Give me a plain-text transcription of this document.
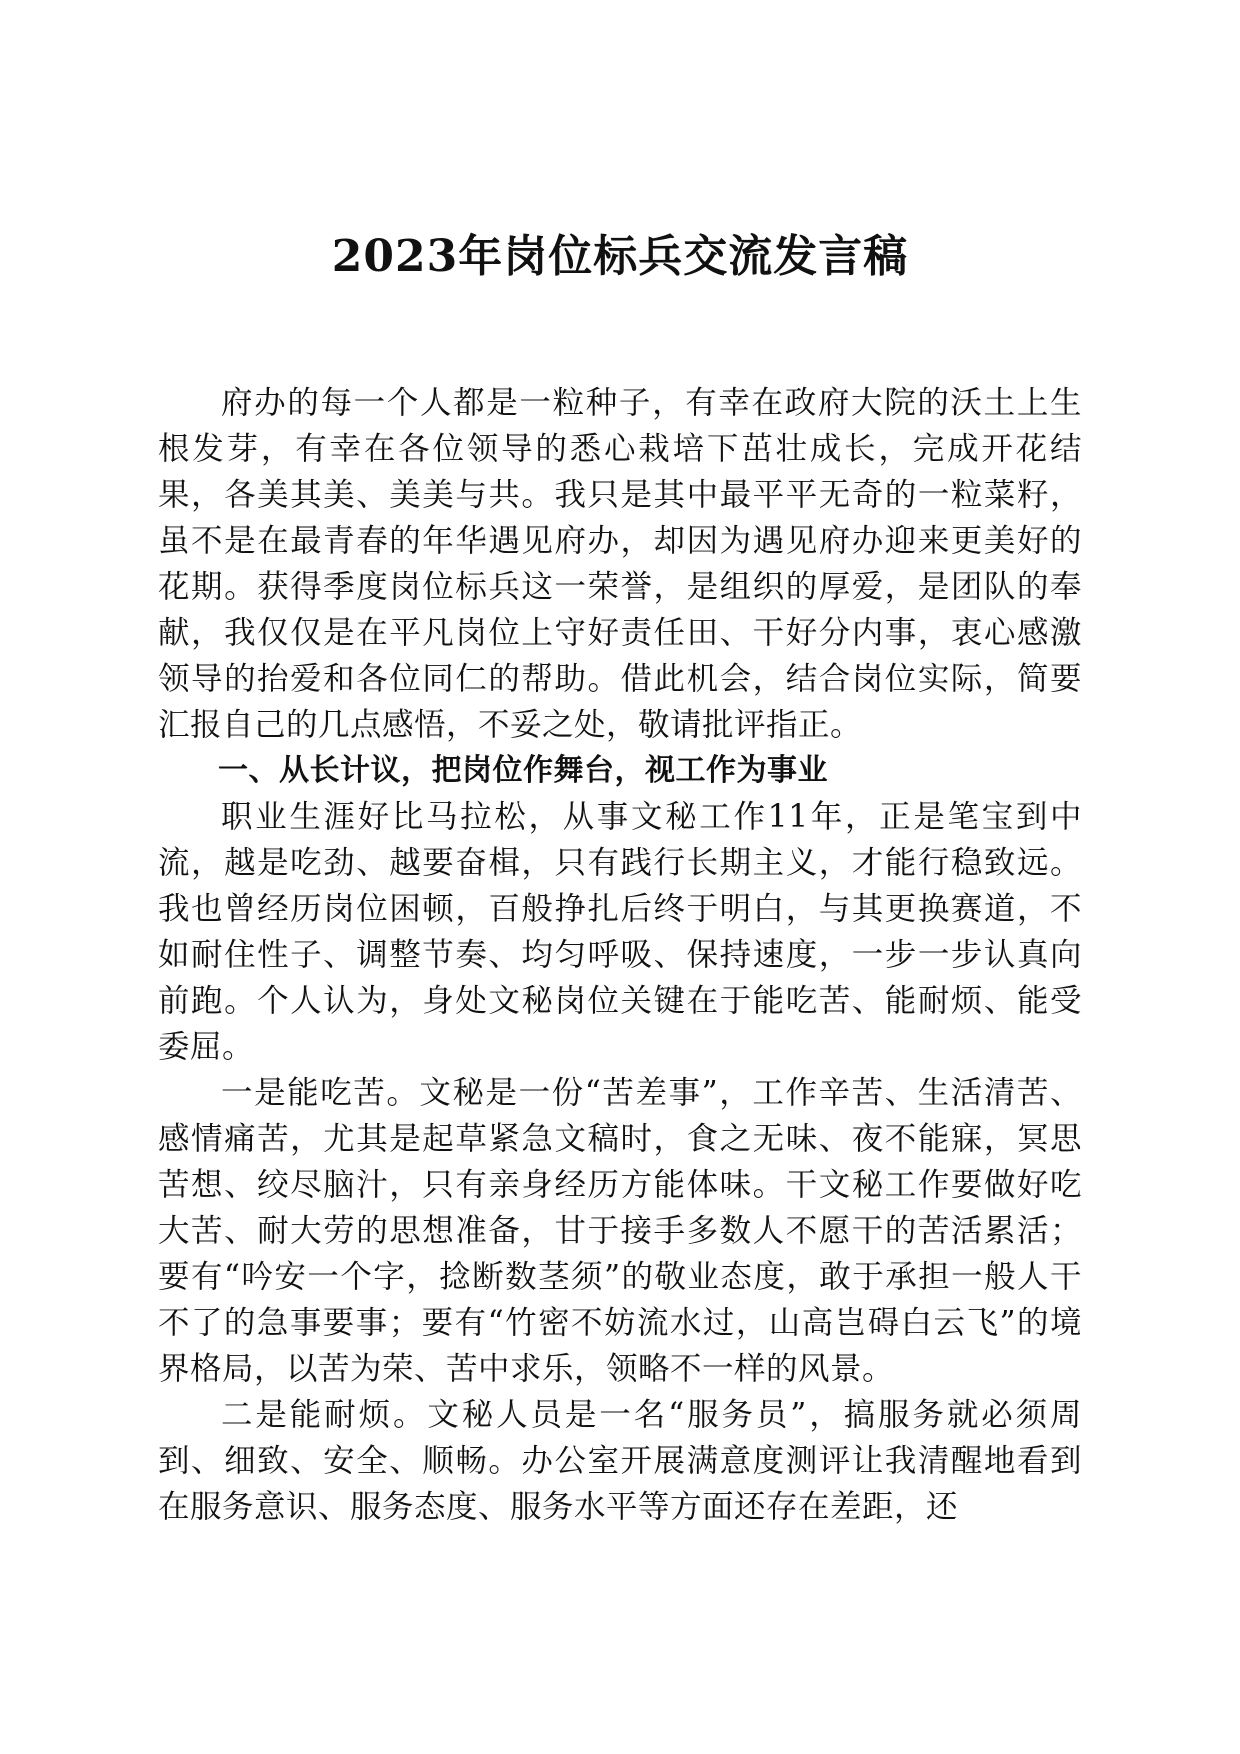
2023年岗位标兵交流发言稿

府办的每一个人都是一粒种子，有幸在政府大院的沃土上生根发芽，有幸在各位领导的悉心栽培下茁壮成长，完成开花结果，各美其美、美美与共。我只是其中最平平无奇的一粒菜籽，虽不是在最青春的年华遇见府办，却因为遇见府办迎来更美好的花期。获得季度岗位标兵这一荣誉，是组织的厚爱，是团队的奉献，我仅仅是在平凡岗位上守好责任田、干好分内事，衷心感激领导的抬爱和各位同仁的帮助。借此机会，结合岗位实际，简要汇报自己的几点感悟，不妥之处，敬请批评指正。

一、从长计议，把岗位作舞台，视工作为事业

职业生涯好比马拉松，从事文秘工作11年，正是笔宝到中流，越是吃劲、越要奋楫，只有践行长期主义，才能行稳致远。我也曾经历岗位困顿，百般挣扎后终于明白，与其更换赛道，不如耐住性子、调整节奏、均匀呼吸、保持速度，一步一步认真向前跑。个人认为，身处文秘岗位关键在于能吃苦、能耐烦、能受委屈。

一是能吃苦。文秘是一份“苦差事”，工作辛苦、生活清苦、感情痛苦，尤其是起草紧急文稿时，食之无味、夜不能寐，冥思苦想、绞尽脑汁，只有亲身经历方能体味。干文秘工作要做好吃大苦、耐大劳的思想准备，甘于接手多数人不愿干的苦活累活；要有“吟安一个字，捻断数茎须”的敬业态度，敢于承担一般人干不了的急事要事；要有“竹密不妨流水过，山高岂碍白云飞”的境界格局，以苦为荣、苦中求乐，领略不一样的风景。

二是能耐烦。文秘人员是一名“服务员”，搞服务就必须周到、细致、安全、顺畅。办公室开展满意度测评让我清醒地看到在服务意识、服务态度、服务水平等方面还存在差距，还
